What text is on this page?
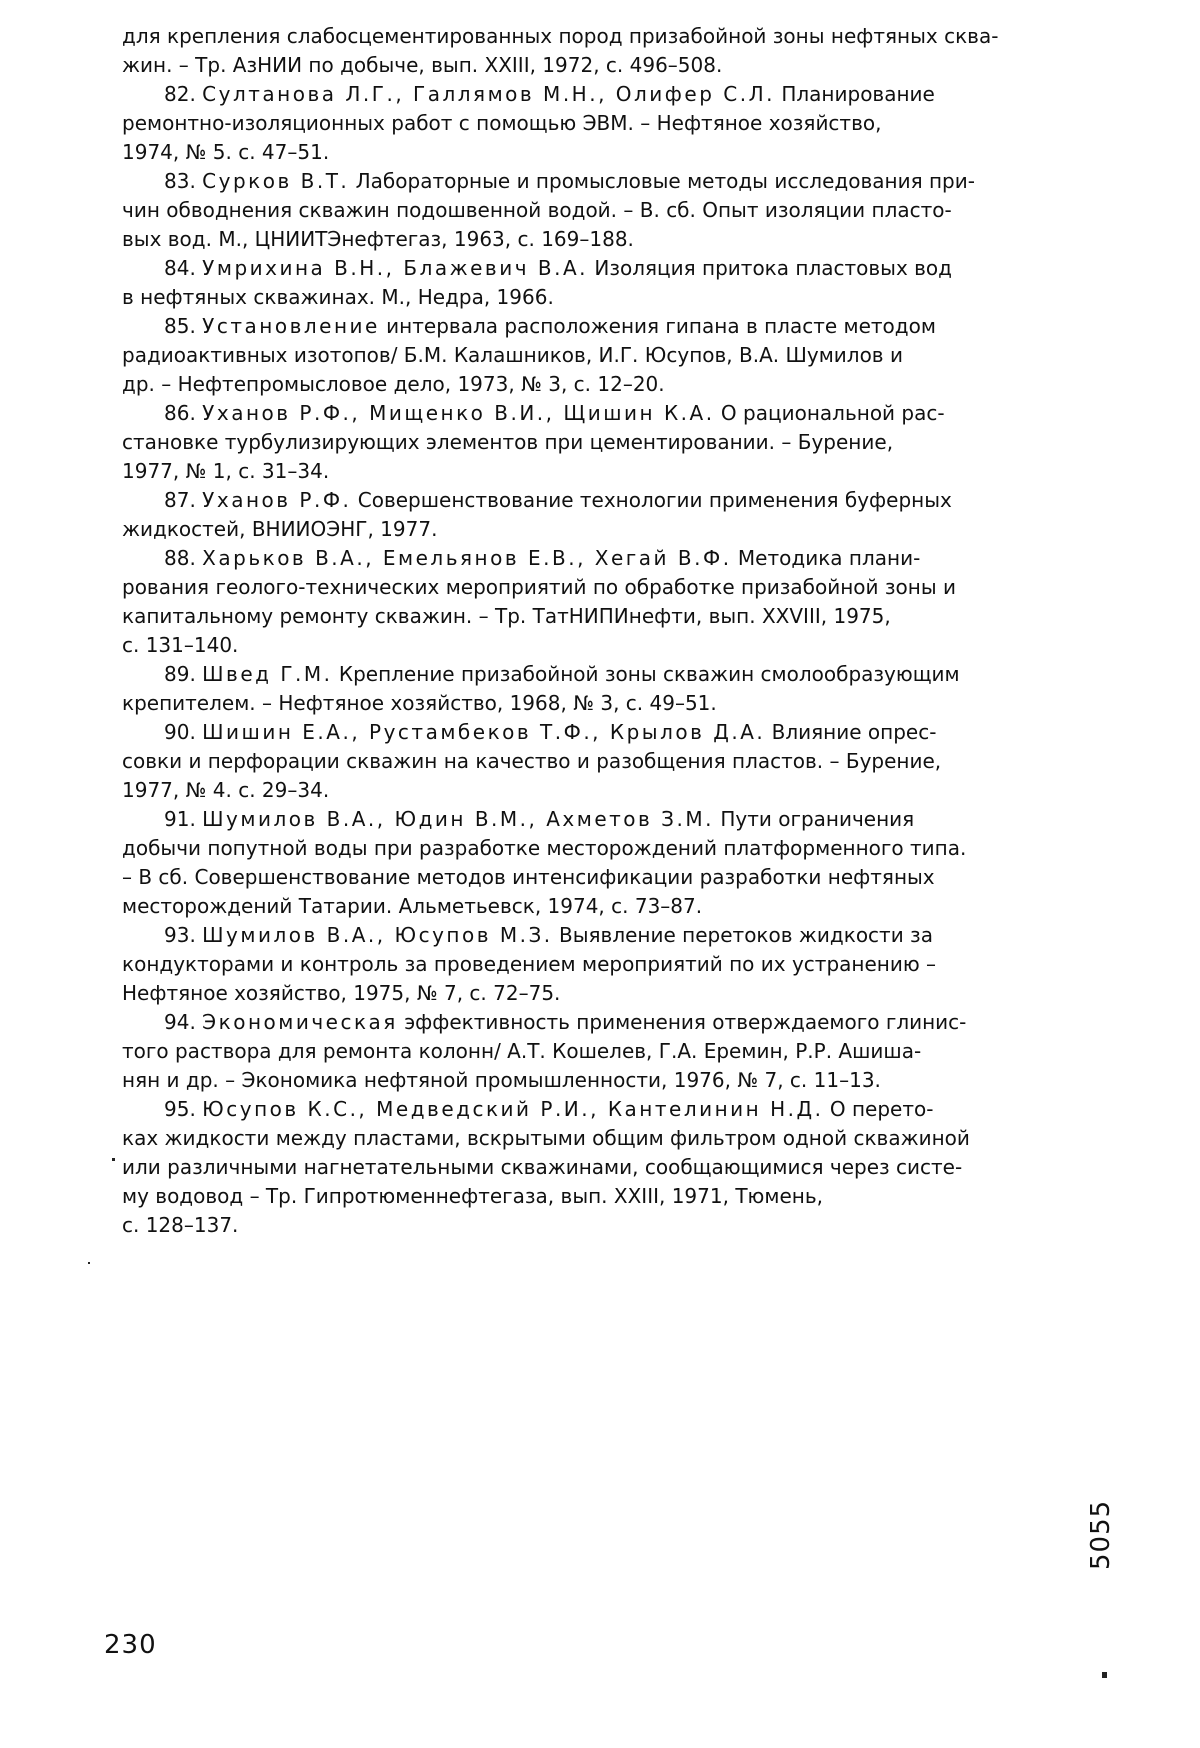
для крепления слабосцементированных пород призабойной зоны нефтяных сква-
жин. – Тр. АзНИИ по добыче, вып. XXIII, 1972, с. 496–508.
82. Султанова Л.Г., Галлямов М.Н., Олифер С.Л. Планирование
ремонтно-изоляционных работ с помощью ЭВМ. – Нефтяное хозяйство,
1974, № 5. с. 47–51.
83. Сурков В.Т. Лабораторные и промысловые методы исследования при-
чин обводнения скважин подошвенной водой. – В. сб. Опыт изоляции пласто-
вых вод. М., ЦНИИТЭнефтегаз, 1963, с. 169–188.
84. Умрихина В.Н., Блажевич В.А. Изоляция притока пластовых вод
в нефтяных скважинах. М., Недра, 1966.
85. Установление интервала расположения гипана в пласте методом
радиоактивных изотопов/ Б.М. Калашников, И.Г. Юсупов, В.А. Шумилов и
др. – Нефтепромысловое дело, 1973, № 3, с. 12–20.
86. Уханов Р.Ф., Мищенко В.И., Щишин К.А. О рациональной рас-
становке турбулизирующих элементов при цементировании. – Бурение,
1977, № 1, с. 31–34.
87. Уханов Р.Ф. Совершенствование технологии применения буферных
жидкостей, ВНИИОЭНГ, 1977.
88. Харьков В.А., Емельянов Е.В., Хегай В.Ф. Методика плани-
рования геолого-технических мероприятий по обработке призабойной зоны и
капитальному ремонту скважин. – Тр. ТатНИПИнефти, вып. XXVIII, 1975,
с. 131–140.
89. Швед Г.М. Крепление призабойной зоны скважин смолообразующим
крепителем. – Нефтяное хозяйство, 1968, № 3, с. 49–51.
90. Шишин Е.А., Рустамбеков Т.Ф., Крылов Д.А. Влияние опрес-
совки и перфорации скважин на качество и разобщения пластов. – Бурение,
1977, № 4. с. 29–34.
91. Шумилов В.А., Юдин В.М., Ахметов З.М. Пути ограничения
добычи попутной воды при разработке месторождений платформенного типа.
– В сб. Совершенствование методов интенсификации разработки нефтяных
месторождений Татарии. Альметьевск, 1974, с. 73–87.
93. Шумилов В.А., Юсупов М.З. Выявление перетоков жидкости за
кондукторами и контроль за проведением мероприятий по их устранению –
Нефтяное хозяйство, 1975, № 7, с. 72–75.
94. Экономическая эффективность применения отверждаемого глинис-
того раствора для ремонта колонн/ А.Т. Кошелев, Г.А. Еремин, Р.Р. Ашиша-
нян и др. – Экономика нефтяной промышленности, 1976, № 7, с. 11–13.
95. Юсупов К.С., Медведский Р.И., Кантелинин Н.Д. О перето-
ках жидкости между пластами, вскрытыми общим фильтром одной скважиной
или различными нагнетательными скважинами, сообщающимися через систе-
му водовод – Тр. Гипротюменнефтегаза, вып. XXIII, 1971, Тюмень,
с. 128–137.
230
5055
